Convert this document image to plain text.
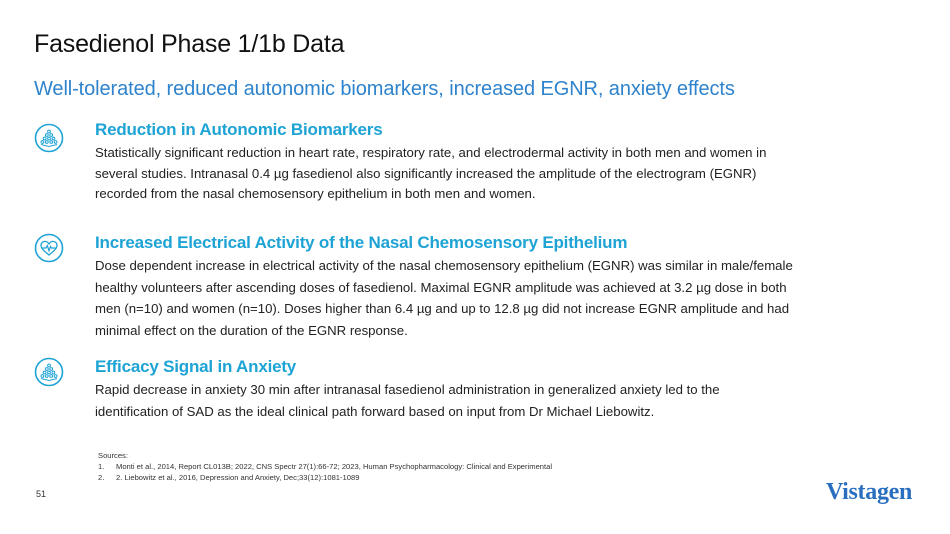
Fasedienol Phase 1/1b Data
Well-tolerated, reduced autonomic biomarkers, increased EGNR, anxiety effects
Reduction in Autonomic Biomarkers
Statistically significant reduction in heart rate, respiratory rate, and electrodermal activity in both men and women in
several studies. Intranasal 0.4 µg fasedienol also significantly increased the amplitude of the electrogram (EGNR)
recorded from the nasal chemosensory epithelium in both men and women.
Increased Electrical Activity of the Nasal Chemosensory Epithelium
Dose dependent increase in electrical activity of the nasal chemosensory epithelium (EGNR) was similar in male/female
healthy volunteers after ascending doses of fasedienol. Maximal EGNR amplitude was achieved at 3.2 µg dose in both
men (n=10) and women (n=10). Doses higher than 6.4 µg and up to 12.8 µg did not increase EGNR amplitude and had
minimal effect on the duration of the EGNR response.
Efficacy Signal in Anxiety
Rapid decrease in anxiety 30 min after intranasal fasedienol administration in generalized anxiety led to the
identification of SAD as the ideal clinical path forward based on input from Dr Michael Liebowitz.
Sources:
1. Monti et al., 2014, Report CL013B; 2022, CNS Spectr 27(1):66-72; 2023, Human Psychopharmacology: Clinical and Experimental
2. 2. Liebowitz et al., 2016, Depression and Anxiety, Dec;33(12):1081-1089
51	Vistagen
